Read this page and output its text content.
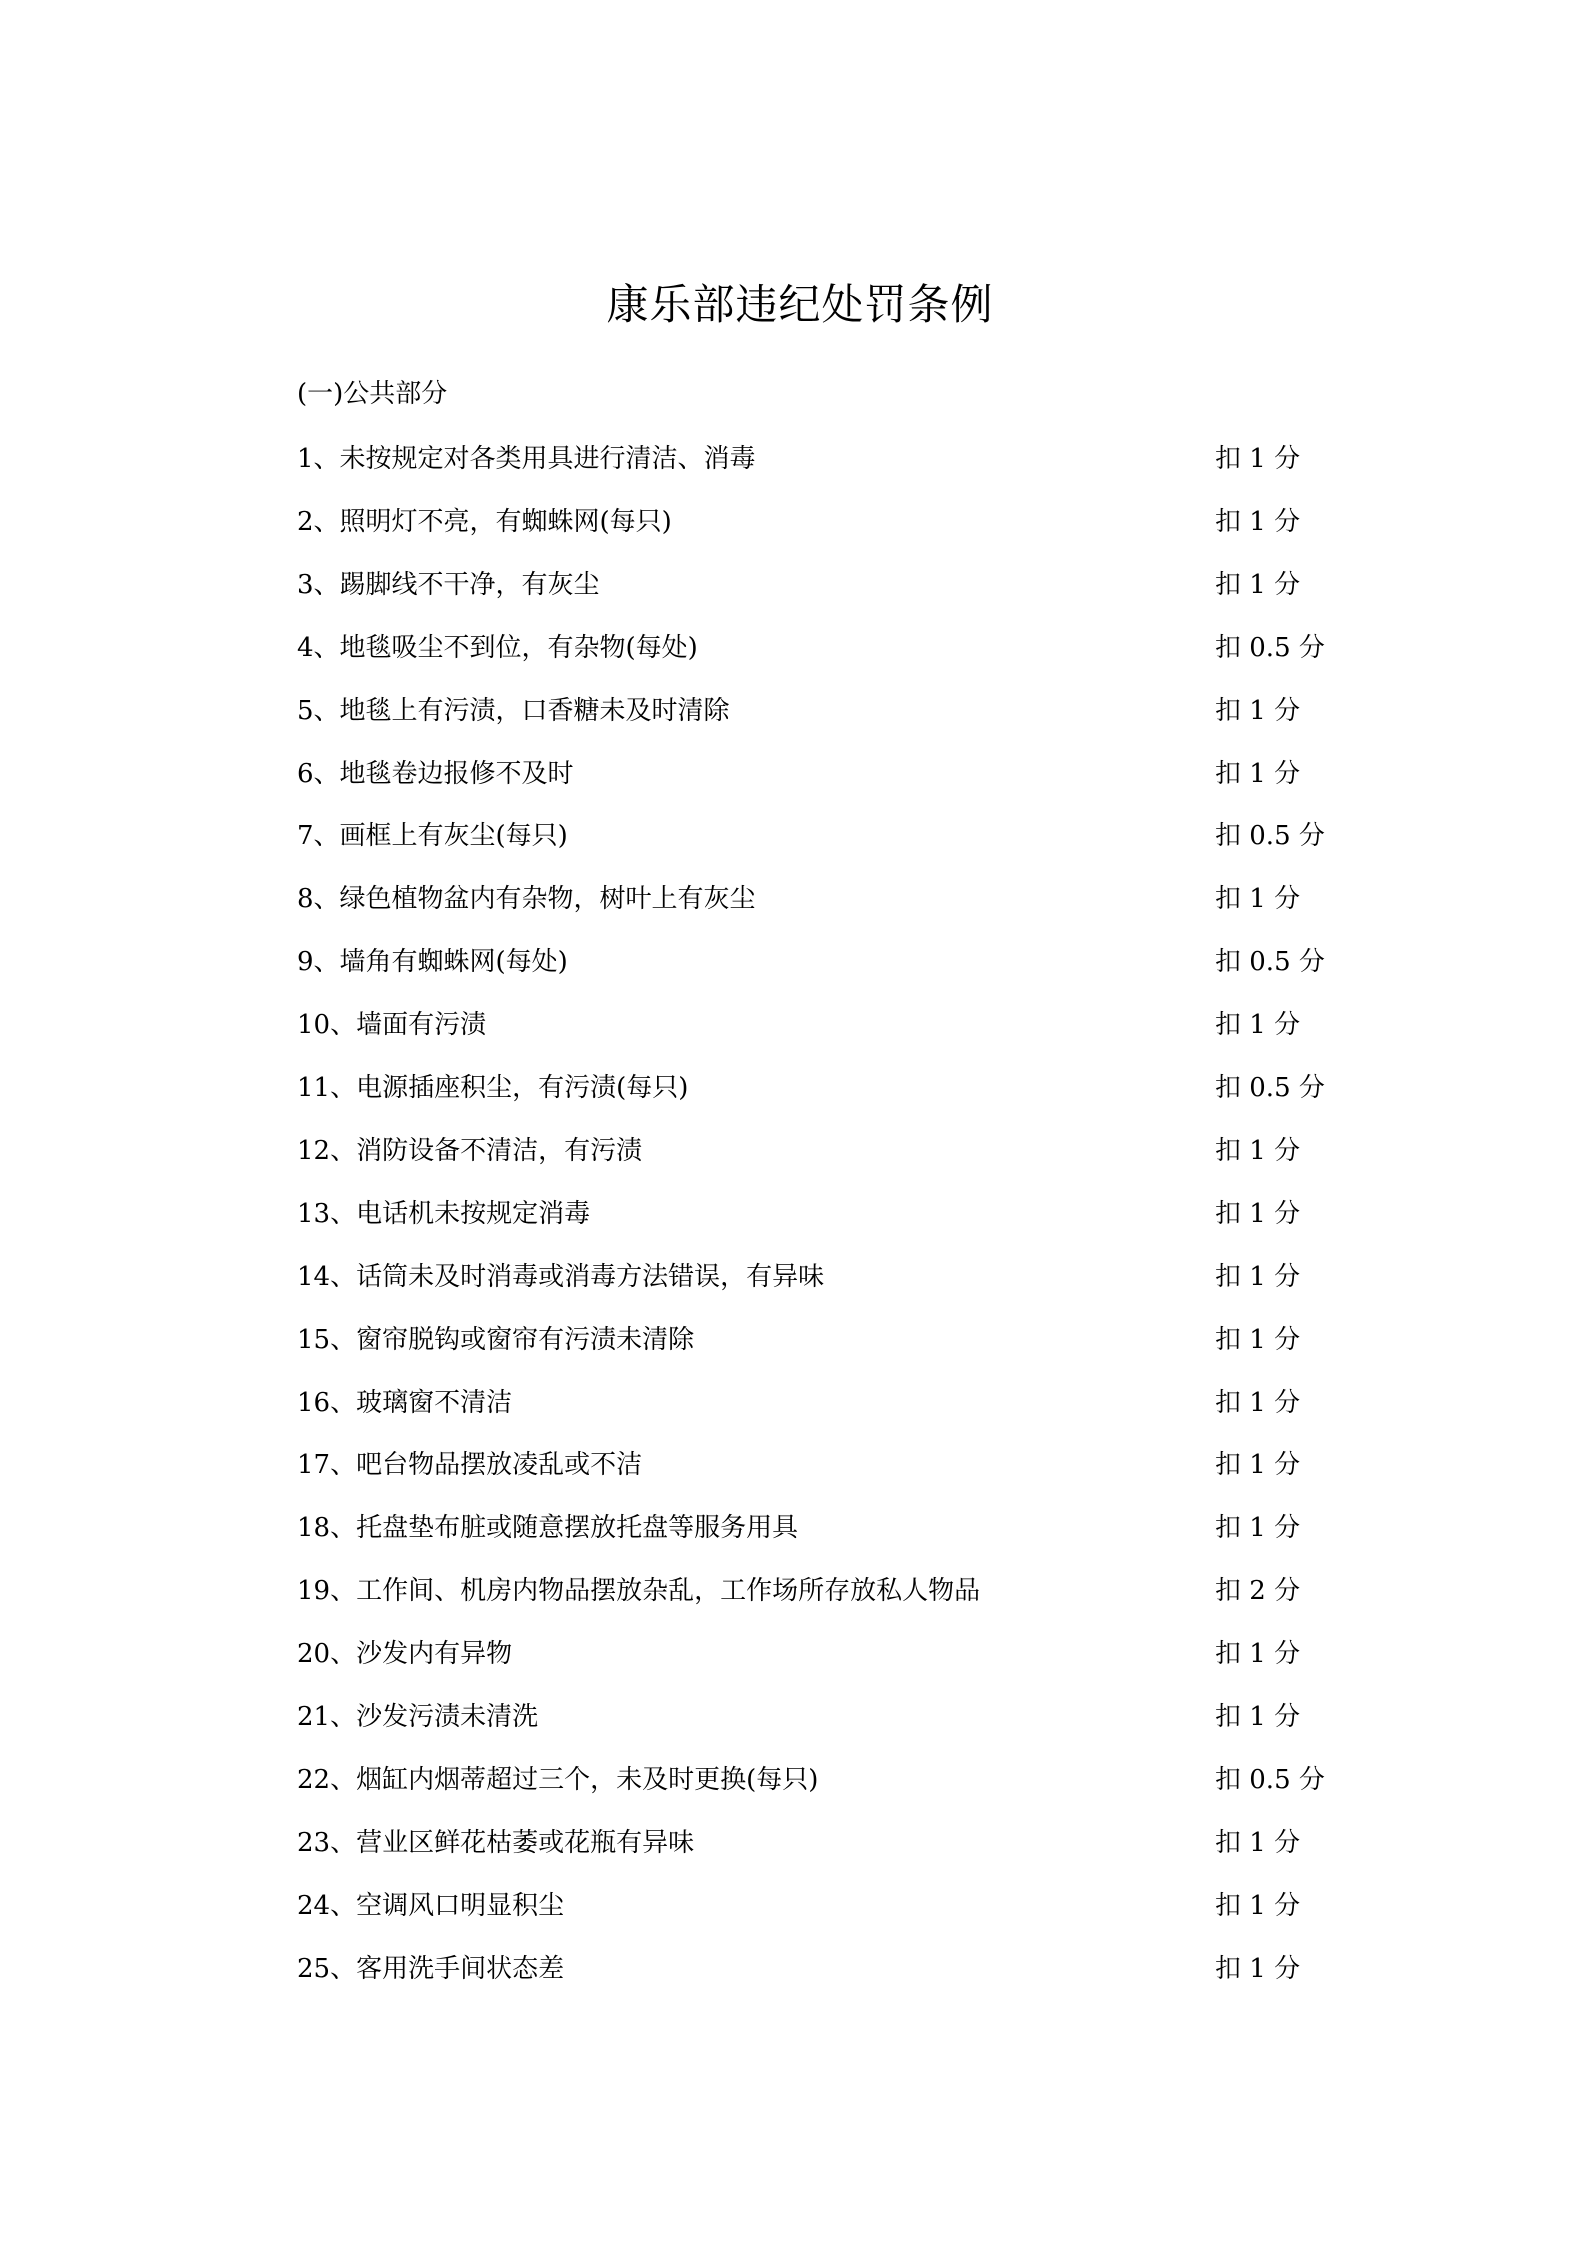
康乐部违纪处罚条例
(一)公共部分
1、未按规定对各类用具进行清洁、消毒	扣 1 分
2、照明灯不亮，有蜘蛛网(每只)	扣 1 分
3、踢脚线不干净，有灰尘	扣 1 分
4、地毯吸尘不到位，有杂物(每处)	扣 0.5 分
5、地毯上有污渍，口香糖未及时清除	扣 1 分
6、地毯卷边报修不及时	扣 1 分
7、画框上有灰尘(每只)	扣 0.5 分
8、绿色植物盆内有杂物，树叶上有灰尘	扣 1 分
9、墙角有蜘蛛网(每处)	扣 0.5 分
10、墙面有污渍	扣 1 分
11、电源插座积尘，有污渍(每只)	扣 0.5 分
12、消防设备不清洁，有污渍	扣 1 分
13、电话机未按规定消毒	扣 1 分
14、话筒未及时消毒或消毒方法错误，有异味	扣 1 分
15、窗帘脱钩或窗帘有污渍未清除	扣 1 分
16、玻璃窗不清洁	扣 1 分
17、吧台物品摆放凌乱或不洁	扣 1 分
18、托盘垫布脏或随意摆放托盘等服务用具	扣 1 分
19、工作间、机房内物品摆放杂乱，工作场所存放私人物品	扣 2 分
20、沙发内有异物	扣 1 分
21、沙发污渍未清洗	扣 1 分
22、烟缸内烟蒂超过三个，未及时更换(每只)	扣 0.5 分
23、营业区鲜花枯萎或花瓶有异味	扣 1 分
24、空调风口明显积尘	扣 1 分
25、客用洗手间状态差	扣 1 分
